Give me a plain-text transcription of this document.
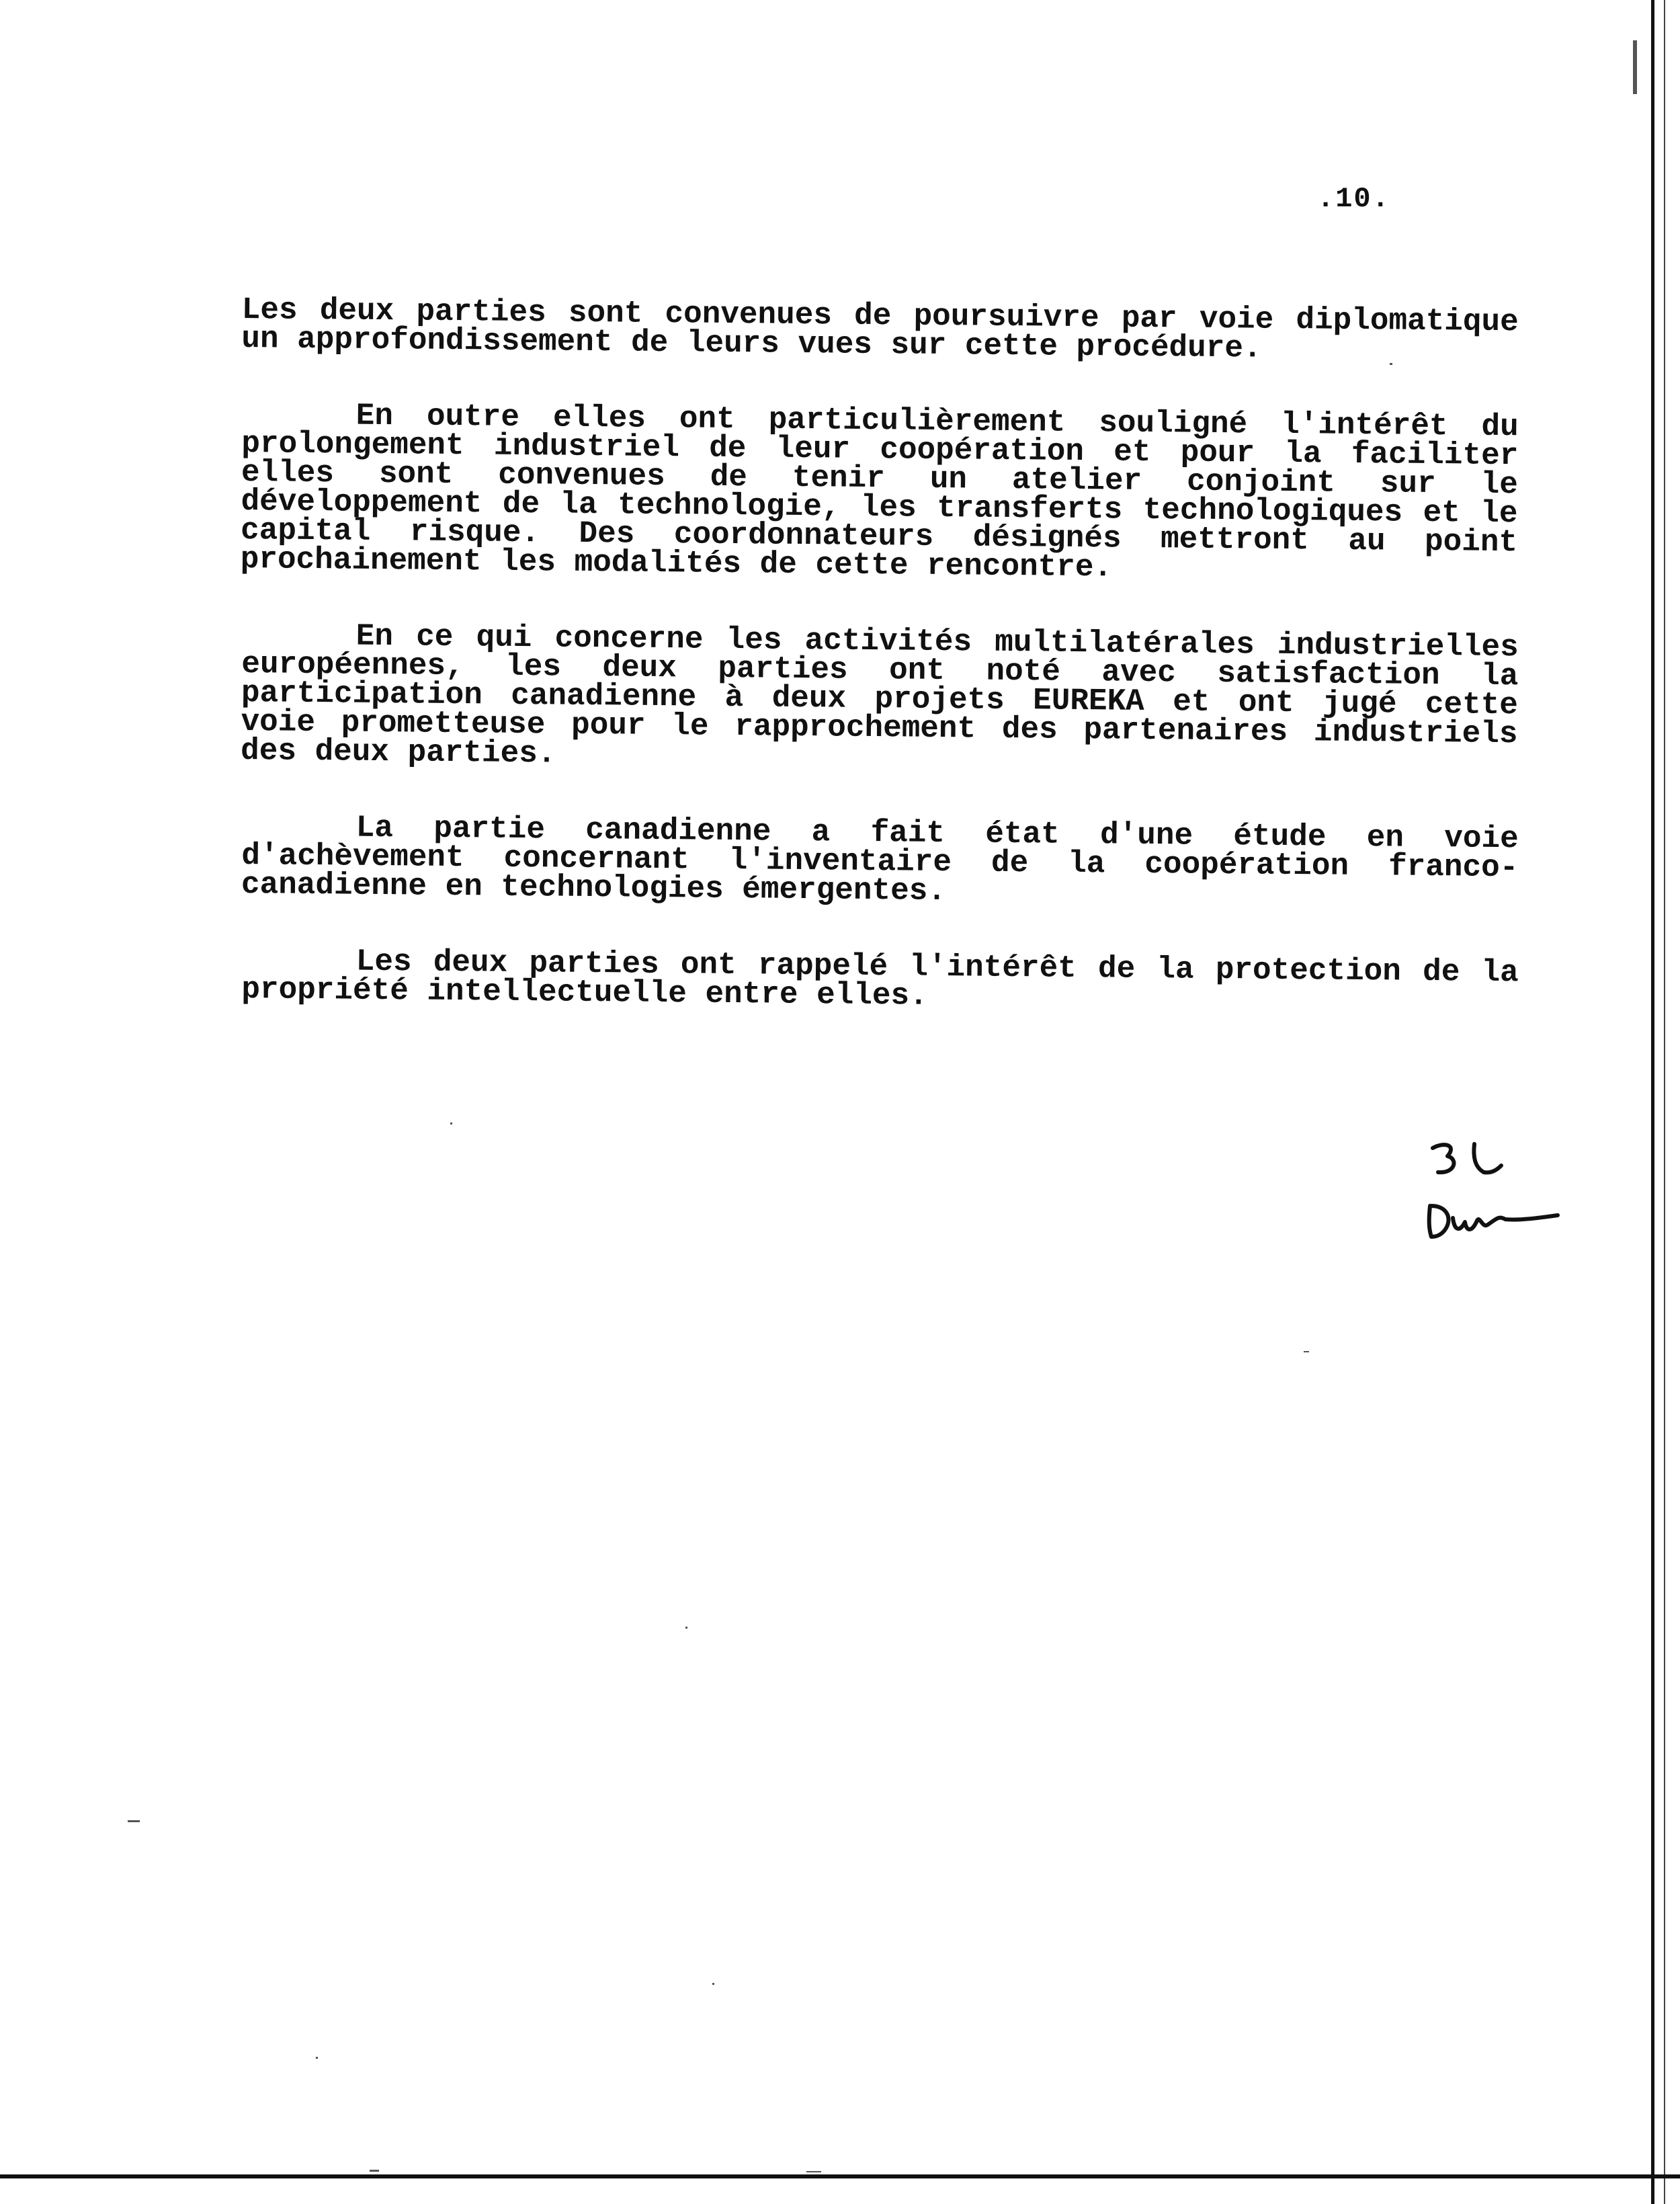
.10.

Les deux parties sont convenues de poursuivre par voie diplomatique un approfondissement de leurs vues sur cette procédure.

En outre elles ont particulièrement souligné l'intérêt du prolongement industriel de leur coopération et pour la faciliter elles sont convenues de tenir un atelier conjoint sur le développement de la technologie, les transferts technologiques et le capital risque. Des coordonnateurs désignés mettront au point prochainement les modalités de cette rencontre.

En ce qui concerne les activités multilatérales industrielles européennes, les deux parties ont noté avec satisfaction la participation canadienne à deux projets EUREKA et ont jugé cette voie prometteuse pour le rapprochement des partenaires industriels des deux parties.

La partie canadienne a fait état d'une étude en voie d'achèvement concernant l'inventaire de la coopération franco-canadienne en technologies émergentes.

Les deux parties ont rappelé l'intérêt de la protection de la propriété intellectuelle entre elles.
